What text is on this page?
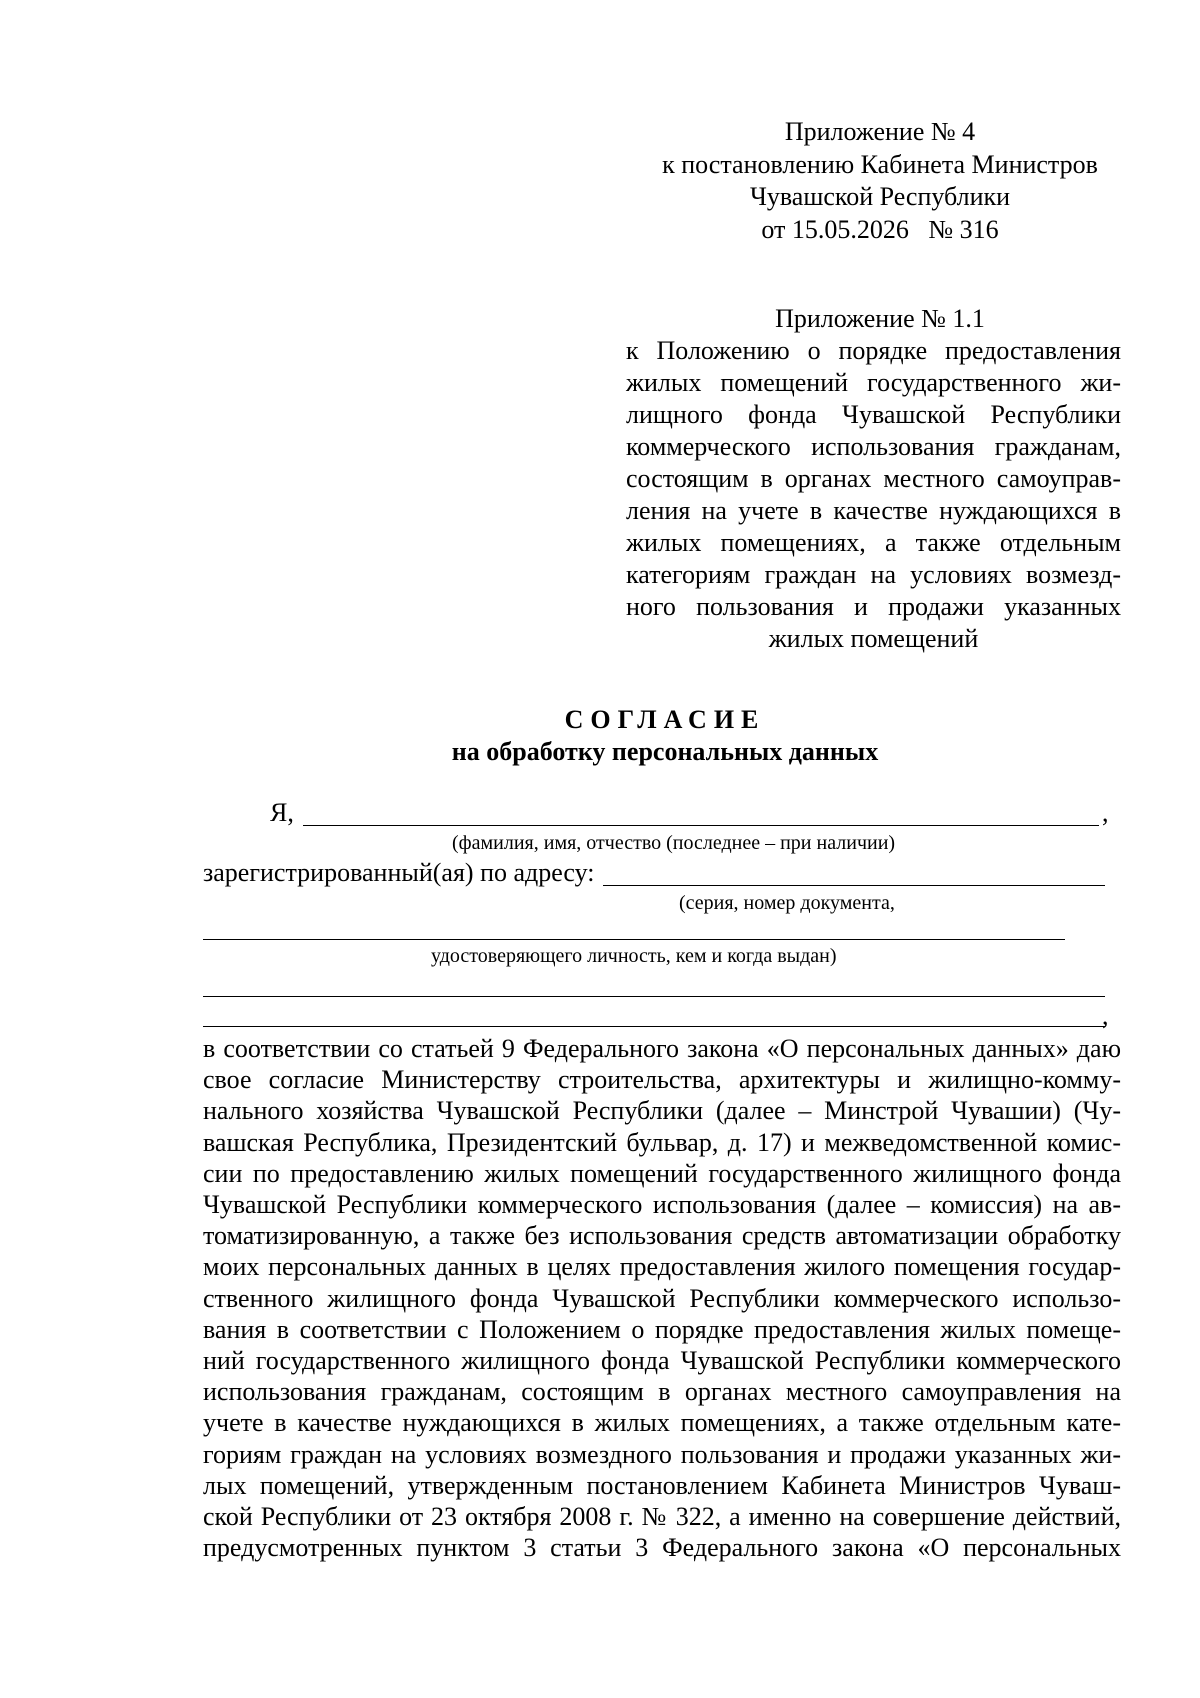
Приложение № 4
к постановлению Кабинета Министров
Чувашской Республики
от 15.05.2026   № 316
Приложение № 1.1
к Положению о порядке предоставления
жилых помещений государственного жи-
лищного фонда Чувашской Республики
коммерческого использования гражданам,
состоящим в органах местного самоуправ-
ления на учете в качестве нуждающихся в
жилых помещениях, а также отдельным
категориям граждан на условиях возмезд-
ного пользования и продажи указанных
жилых помещений
СОГЛАСИЕ
на обработку персональных данных
Я,	,
(фамилия, имя, отчество (последнее – при наличии)
зарегистрированный(ая) по адресу:
(серия, номер документа,
удостоверяющего личность, кем и когда выдан)
,
в соответствии со статьей 9 Федерального закона «О персональных данных» даю
свое согласие Министерству строительства, архитектуры и жилищно-комму-
нального хозяйства Чувашской Республики (далее – Минстрой Чувашии) (Чу-
вашская Республика, Президентский бульвар, д. 17) и межведомственной комис-
сии по предоставлению жилых помещений государственного жилищного фонда
Чувашской Республики коммерческого использования (далее – комиссия) на ав-
томатизированную, а также без использования средств автоматизации обработку
моих персональных данных в целях предоставления жилого помещения государ-
ственного жилищного фонда Чувашской Республики коммерческого использо-
вания в соответствии с Положением о порядке предоставления жилых помеще-
ний государственного жилищного фонда Чувашской Республики коммерческого
использования гражданам, состоящим в органах местного самоуправления на
учете в качестве нуждающихся в жилых помещениях, а также отдельным кате-
гориям граждан на условиях возмездного пользования и продажи указанных жи-
лых помещений, утвержденным постановлением Кабинета Министров Чуваш-
ской Республики от 23 октября 2008 г. № 322, а именно на совершение действий,
предусмотренных пунктом 3 статьи 3 Федерального закона «О персональных
